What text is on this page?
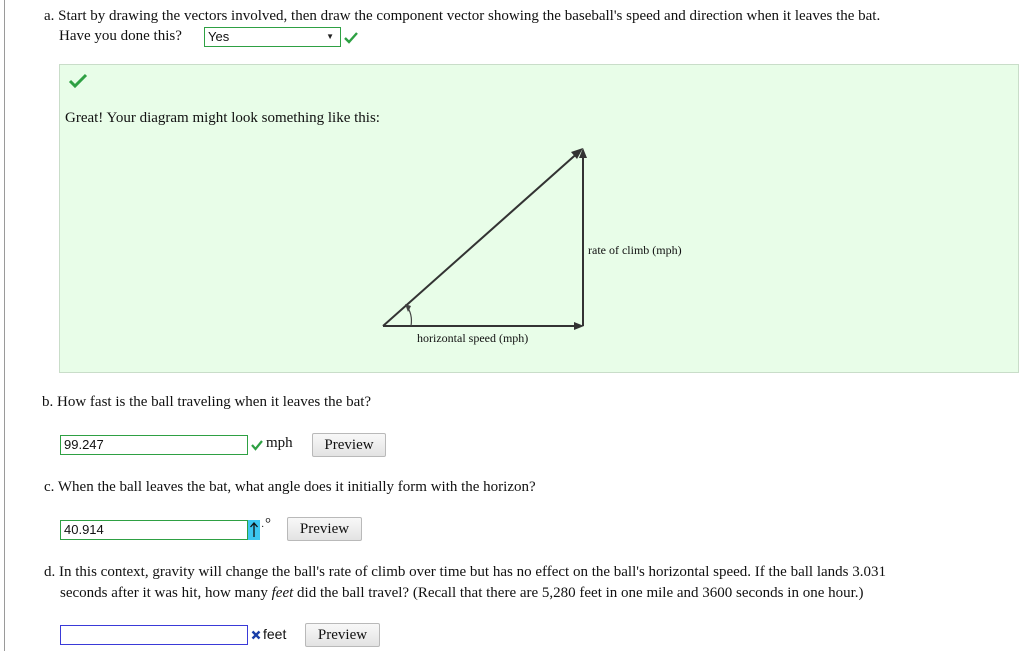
a. Start by drawing the vectors involved, then draw the component vector showing the baseball's speed and direction when it leaves the bat.
Have you done this?	Yes	▼
Great! Your diagram might look something like this:
rate of climb (mph)
horizontal speed (mph)
b. How fast is the ball traveling when it leaves the bat?
99.247	mph	Preview
c. When the ball leaves the bat, what angle does it initially form with the horizon?
40.914	· °	Preview
d. In this context, gravity will change the ball's rate of climb over time but has no effect on the ball's horizontal speed. If the ball lands 3.031
seconds after it was hit, how many feet did the ball travel? (Recall that there are 5,280 feet in one mile and 3600 seconds in one hour.)
feet	Preview
